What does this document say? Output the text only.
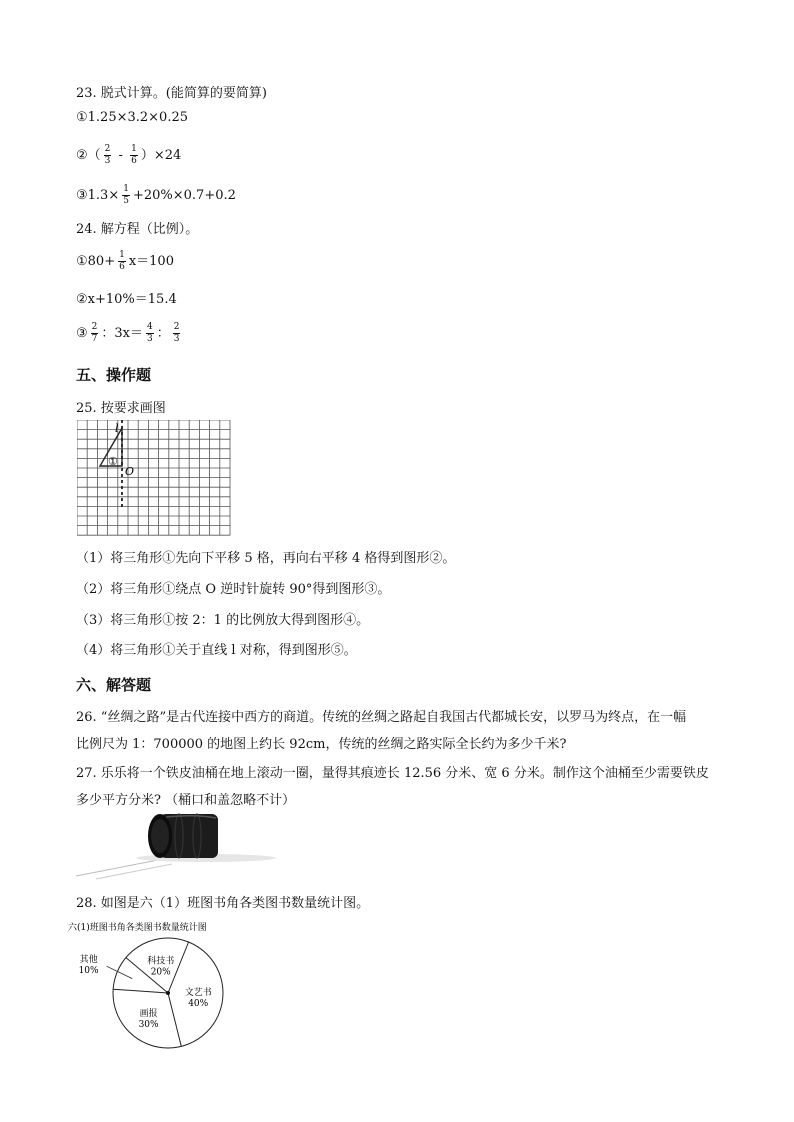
23. 脱式计算。(能简算的要简算)
①1.25×3.2×0.25
②（ $\frac{2}{3} - \frac{1}{6} )\times 24$
③1.3× $\frac{1}{5} +20\%\times 0.7+0.2$
24. 解方程（比例）。
①80+ $\frac{1}{6} x=100$
②x+10%＝15.4
③ $\frac{2}{7}$ ：$3x= \frac{4}{3}$ ： $\frac{2}{3}$
五、操作题
25. 按要求画图
l
①
O
（1）将三角形①先向下平移 5 格，再向右平移 4 格得到图形②。
（2）将三角形①绕点 O 逆时针旋转 90°得到图形③。
（3）将三角形①按 2：1 的比例放大得到图形④。
（4）将三角形①关于直线 l 对称，得到图形⑤。
六、解答题
26. “丝绸之路”是古代连接中西方的商道。传统的丝绸之路起自我国古代都城长安，以罗马为终点，在一幅
比例尺为 1：700000 的地图上约长 92cm，传统的丝绸之路实际全长约为多少千米?
27. 乐乐将一个铁皮油桶在地上滚动一圈，量得其痕迹长 12.56 分米、宽 6 分米。制作这个油桶至少需要铁皮
多少平方分米? （桶口和盖忽略不计）
28. 如图是六（1）班图书角各类图书数量统计图。
六(1)班图书角各类图书数量统计图
文艺书
40%
画报
30%
其他
10%
科技书
20%
